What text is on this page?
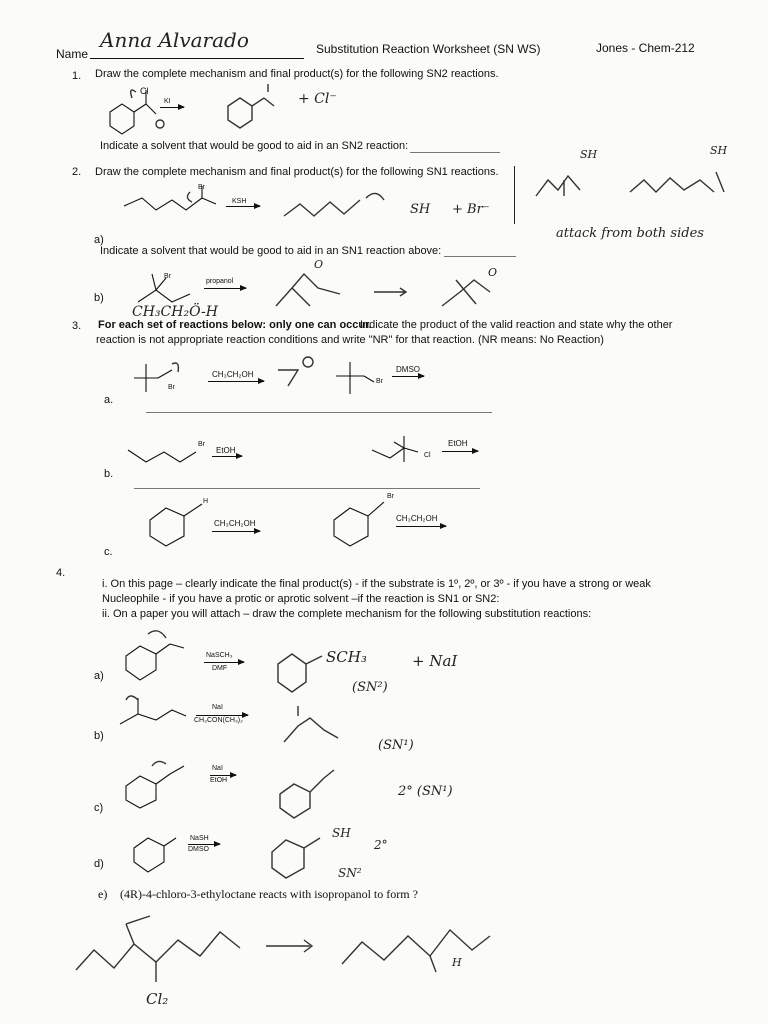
Name
Anna Alvarado	Substitution Reaction Worksheet (SN WS)	Jones - Chem-212
1. Draw the complete mechanism and final product(s) for the following SN2 reactions.
Cl
KI	+ Cl⁻
Indicate a solvent that would be good to aid in an SN2 reaction:
2. Draw the complete mechanism and final product(s) for the following SN1 reactions.
Br
KSH
SH + Br⁻
SH	SH
attack from both sides
a)
Indicate a solvent that would be good to aid in an SN1 reaction above:
Br
propanol
O
O
b)
CH₃CH₂Ö-H
3. For each set of reactions below: only one can occur.
Indicate the product of the valid reaction and state why the other
reaction is not appropriate reaction conditions and write "NR" for that reaction. (NR means: No Reaction)
Br
CH₃CH₂OH
Br
DMSO
a.
Br
EtOH
Cl
EtOH
b.
H
CH₃CH₂OH
Br
CH₃CH₂OH
c.
4.
i. On this page – clearly indicate the final product(s) - if the substrate is 1º, 2º, or 3º - if you have a strong or weak
Nucleophile - if you have a protic or aprotic solvent –if the reaction is SN1 or SN2:
ii. On a paper you will attach – draw the complete mechanism for the following substitution reactions:
NaSCH₃
DMF
SCH₃	+ NaI
(SN²)
a)
NaI
CH₃CON(CH₃)₂
(SN¹)
b)
NaI
EtOH
2° (SN¹)
c)
NaSH
DMSO
SH
2°
SN²
d)
e) (4R)-4-chloro-3-ethyloctane reacts with isopropanol to form ?
Cl₂
H
